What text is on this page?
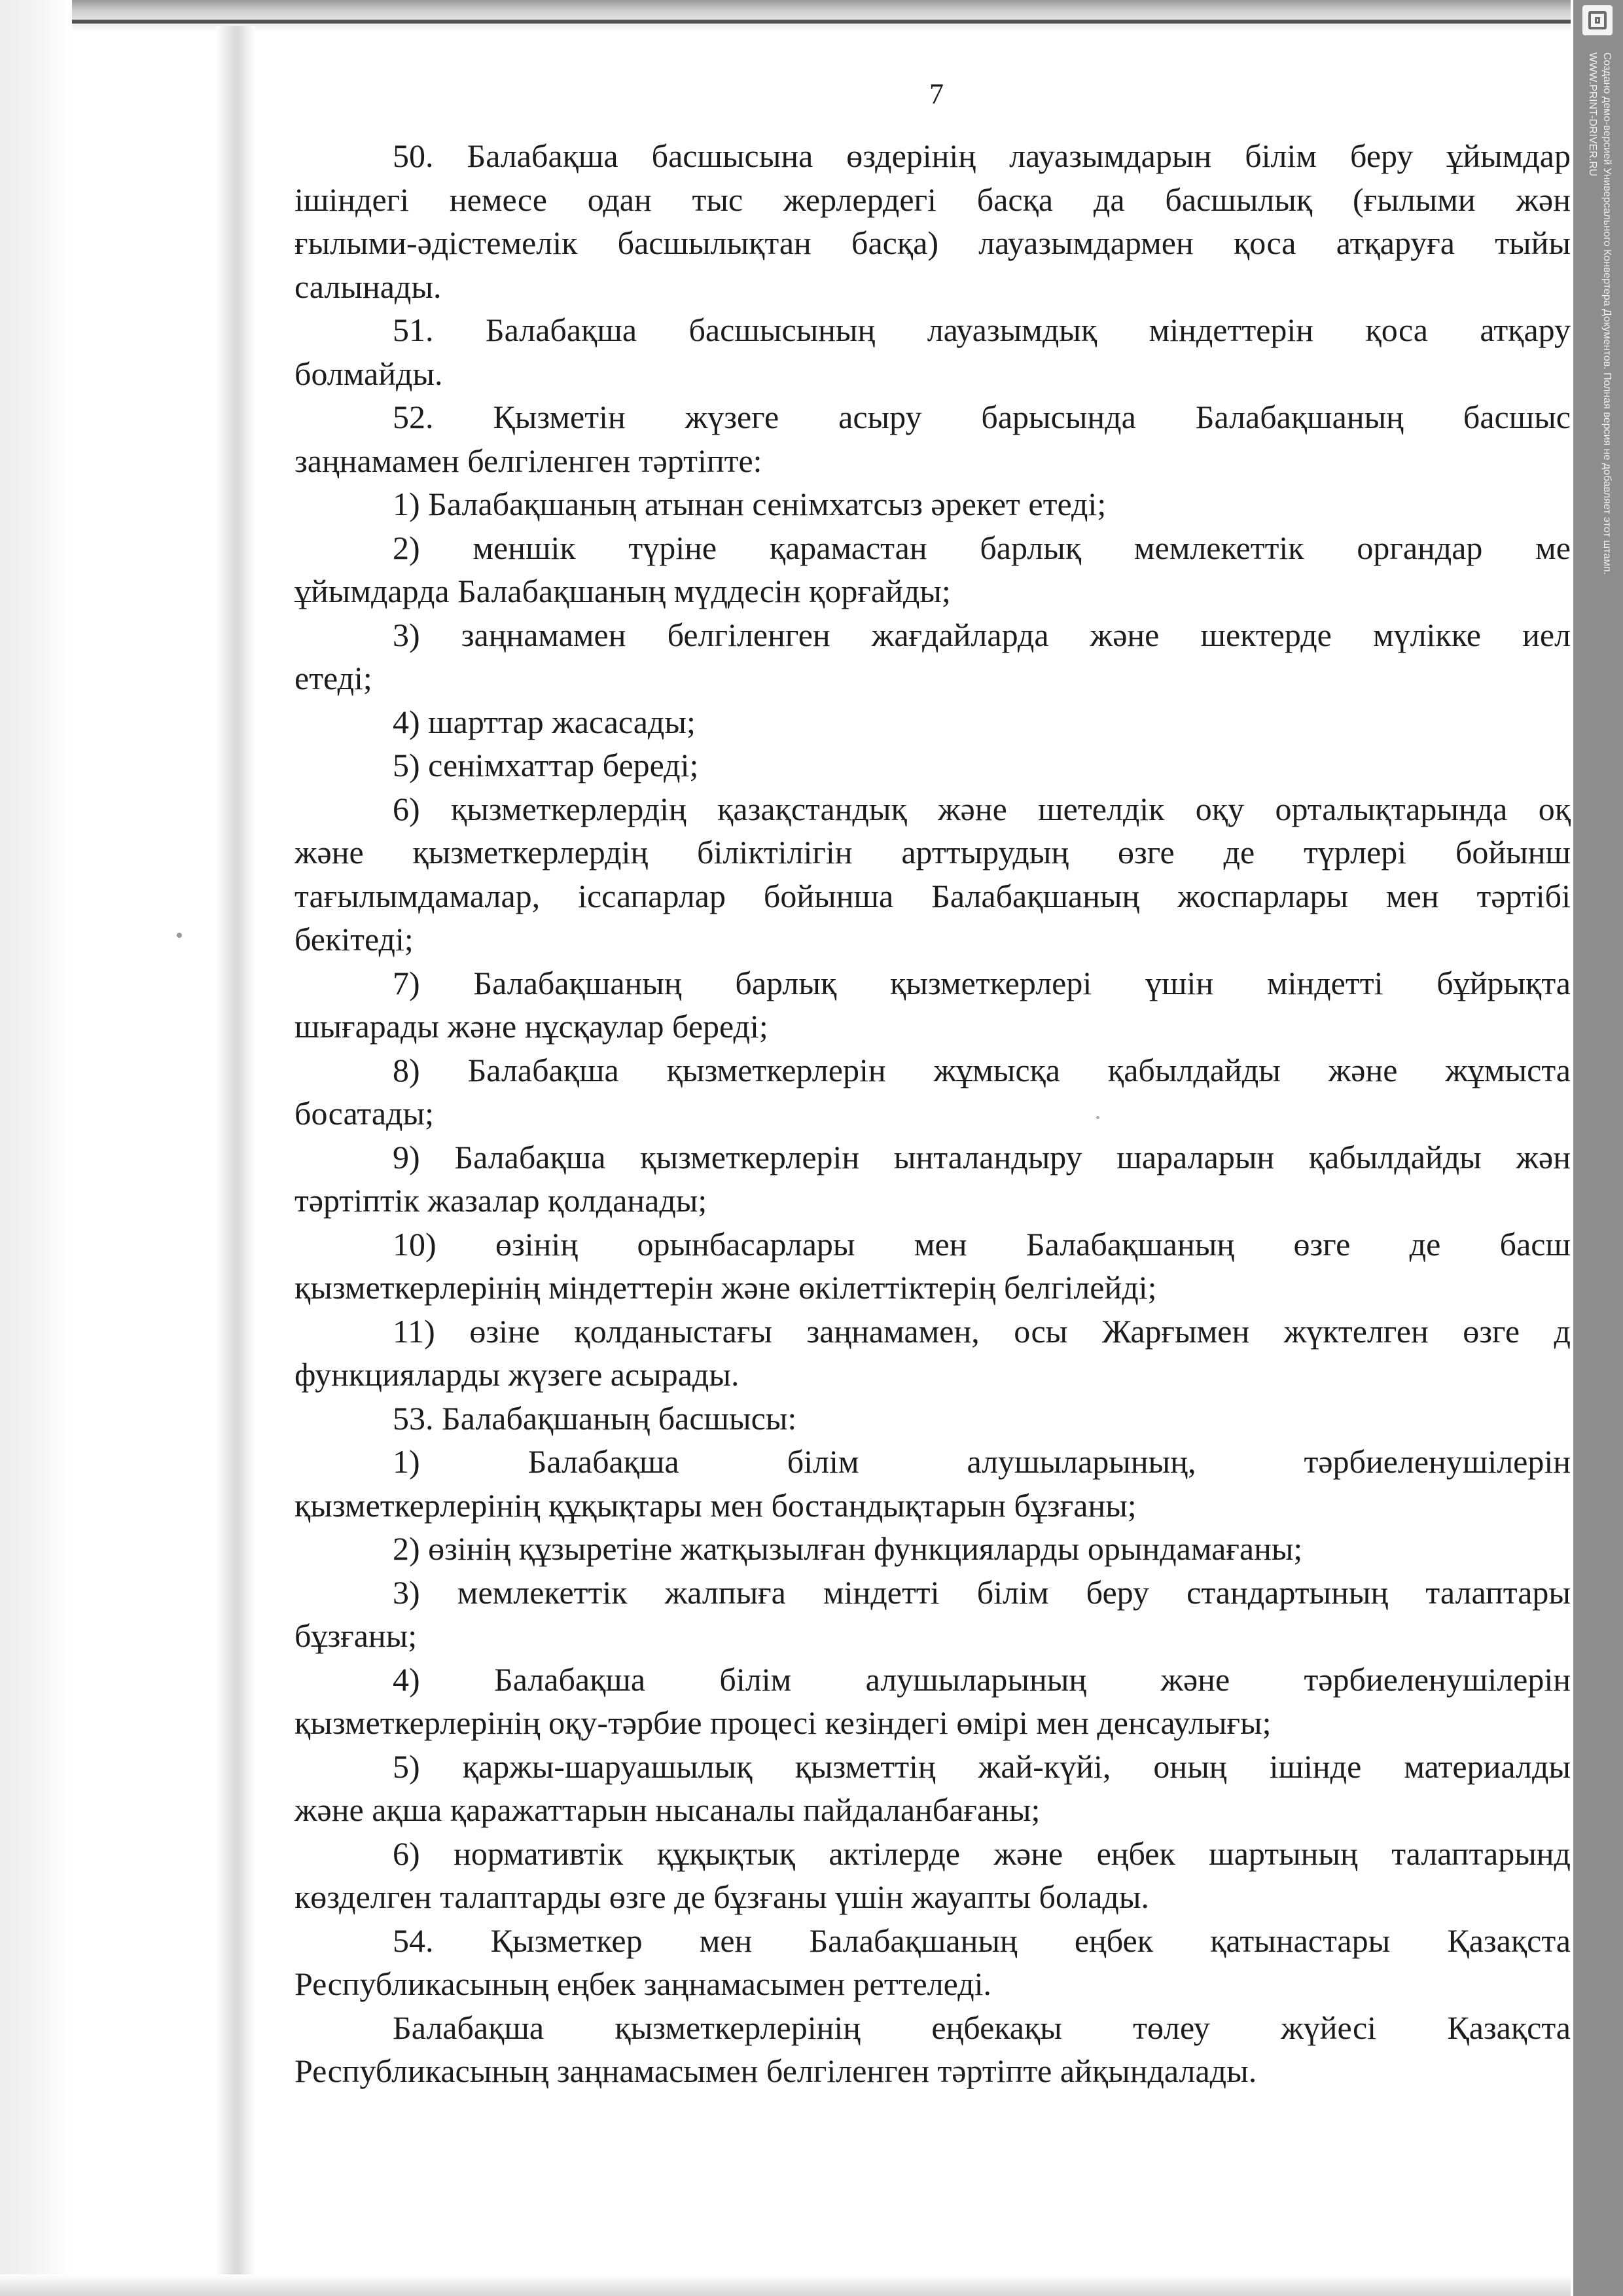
7
50. Балабақша басшысына өздерінің лауазымдарын білім беру ұйымдар
ішіндегі немесе одан тыс жерлердегі басқа да басшылық (ғылыми жән
ғылыми-әдістемелік басшылықтан басқа) лауазымдармен қоса атқаруға тыйы
салынады.
51. Балабақша басшысының лауазымдық міндеттерін қоса атқару
болмайды.
52. Қызметін жүзеге асыру барысында Балабақшаның басшыс
заңнамамен белгіленген тәртіпте:
1) Балабақшаның атынан сенімхатсыз әрекет етеді;
2) меншік түріне қарамастан барлық мемлекеттік органдар ме
ұйымдарда Балабақшаның мүддесін қорғайды;
3) заңнамамен белгіленген жағдайларда және шектерде мүлікке иел
етеді;
4) шарттар жасасады;
5) сенімхаттар береді;
6) қызметкерлердің қазақстандық және шетелдік оқу орталықтарында оқ
және қызметкерлердің біліктілігін арттырудың өзге де түрлері бойынш
тағылымдамалар, іссапарлар бойынша Балабақшаның жоспарлары мен тәртібі
бекітеді;
7) Балабақшаның барлық қызметкерлері үшін міндетті бұйрықта
шығарады және нұсқаулар береді;
8) Балабақша қызметкерлерін жұмысқа қабылдайды және жұмыста
босатады;
9) Балабақша қызметкерлерін ынталандыру шараларын қабылдайды жән
тәртіптік жазалар қолданады;
10) өзінің орынбасарлары мен Балабақшаның өзге де басш
қызметкерлерінің міндеттерін және өкілеттіктерің белгілейді;
11) өзіне қолданыстағы заңнамамен, осы Жарғымен жүктелген өзге д
функцияларды жүзеге асырады.
53. Балабақшаның басшысы:
1) Балабақша білім алушыларының, тәрбиеленушілерін
қызметкерлерінің құқықтары мен бостандықтарын бұзғаны;
2) өзінің құзыретіне жатқызылған функцияларды орындамағаны;
3) мемлекеттік жалпыға міндетті білім беру стандартының талаптары
бұзғаны;
4) Балабақша білім алушыларының және тәрбиеленушілерін
қызметкерлерінің оқу-тәрбие процесі кезіндегі өмірі мен денсаулығы;
5) қаржы-шаруашылық қызметтің жай-күйі, оның ішінде материалды
және ақша қаражаттарын нысаналы пайдаланбағаны;
6) нормативтік құқықтық актілерде және еңбек шартының талаптарынд
көзделген талаптарды өзге де бұзғаны үшін жауапты болады.
54. Қызметкер мен Балабақшаның еңбек қатынастары Қазақста
Республикасының еңбек заңнамасымен реттеледі.
Балабақша қызметкерлерінің еңбекақы төлеу жүйесі Қазақста
Республикасының заңнамасымен белгіленген тәртіпте айқындалады.
Создано демо-версией Универсального Конвертера Документов. Полная версия не добавляет этот штамп.
WWW.PRINT-DRIVER.RU
